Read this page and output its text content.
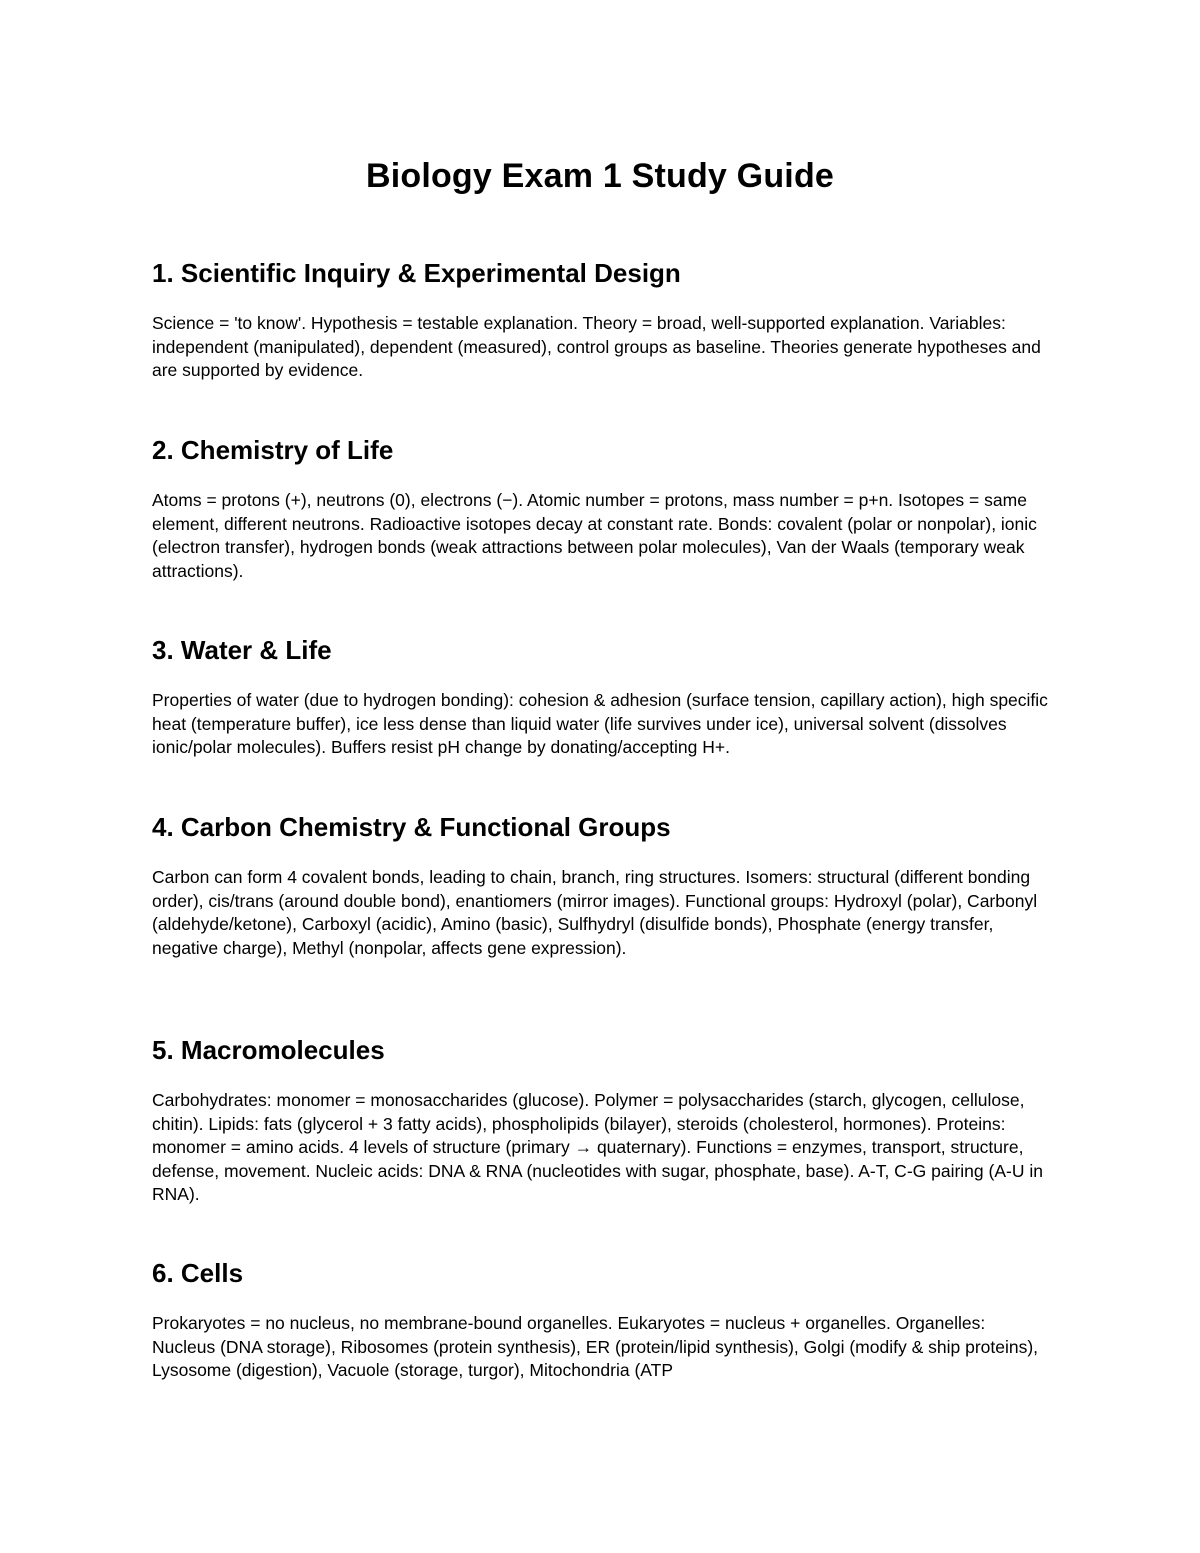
Biology Exam 1 Study Guide
1. Scientific Inquiry & Experimental Design

Science = 'to know'. Hypothesis = testable explanation. Theory = broad, well-supported explanation. Variables: independent (manipulated), dependent (measured), control groups as baseline. Theories generate hypotheses and are supported by evidence.

2. Chemistry of Life

Atoms = protons (+), neutrons (0), electrons (−). Atomic number = protons, mass number = p+n. Isotopes = same element, different neutrons. Radioactive isotopes decay at constant rate. Bonds: covalent (polar or nonpolar), ionic (electron transfer), hydrogen bonds (weak attractions between polar molecules), Van der Waals (temporary weak attractions).

3. Water & Life

Properties of water (due to hydrogen bonding): cohesion & adhesion (surface tension, capillary action), high specific heat (temperature buffer), ice less dense than liquid water (life survives under ice), universal solvent (dissolves ionic/polar molecules). Buffers resist pH change by donating/accepting H+.

4. Carbon Chemistry & Functional Groups

Carbon can form 4 covalent bonds, leading to chain, branch, ring structures. Isomers: structural (different bonding order), cis/trans (around double bond), enantiomers (mirror images). Functional groups: Hydroxyl (polar), Carbonyl (aldehyde/ketone), Carboxyl (acidic), Amino (basic), Sulfhydryl (disulfide bonds), Phosphate (energy transfer, negative charge), Methyl (nonpolar, affects gene expression).

5. Macromolecules

Carbohydrates: monomer = monosaccharides (glucose). Polymer = polysaccharides (starch, glycogen, cellulose, chitin). Lipids: fats (glycerol + 3 fatty acids), phospholipids (bilayer), steroids (cholesterol, hormones). Proteins: monomer = amino acids. 4 levels of structure (primary → quaternary). Functions = enzymes, transport, structure, defense, movement. Nucleic acids: DNA & RNA (nucleotides with sugar, phosphate, base). A-T, C-G pairing (A-U in RNA).

6. Cells

Prokaryotes = no nucleus, no membrane-bound organelles. Eukaryotes = nucleus + organelles. Organelles: Nucleus (DNA storage), Ribosomes (protein synthesis), ER (protein/lipid synthesis), Golgi (modify & ship proteins), Lysosome (digestion), Vacuole (storage, turgor), Mitochondria (ATP
